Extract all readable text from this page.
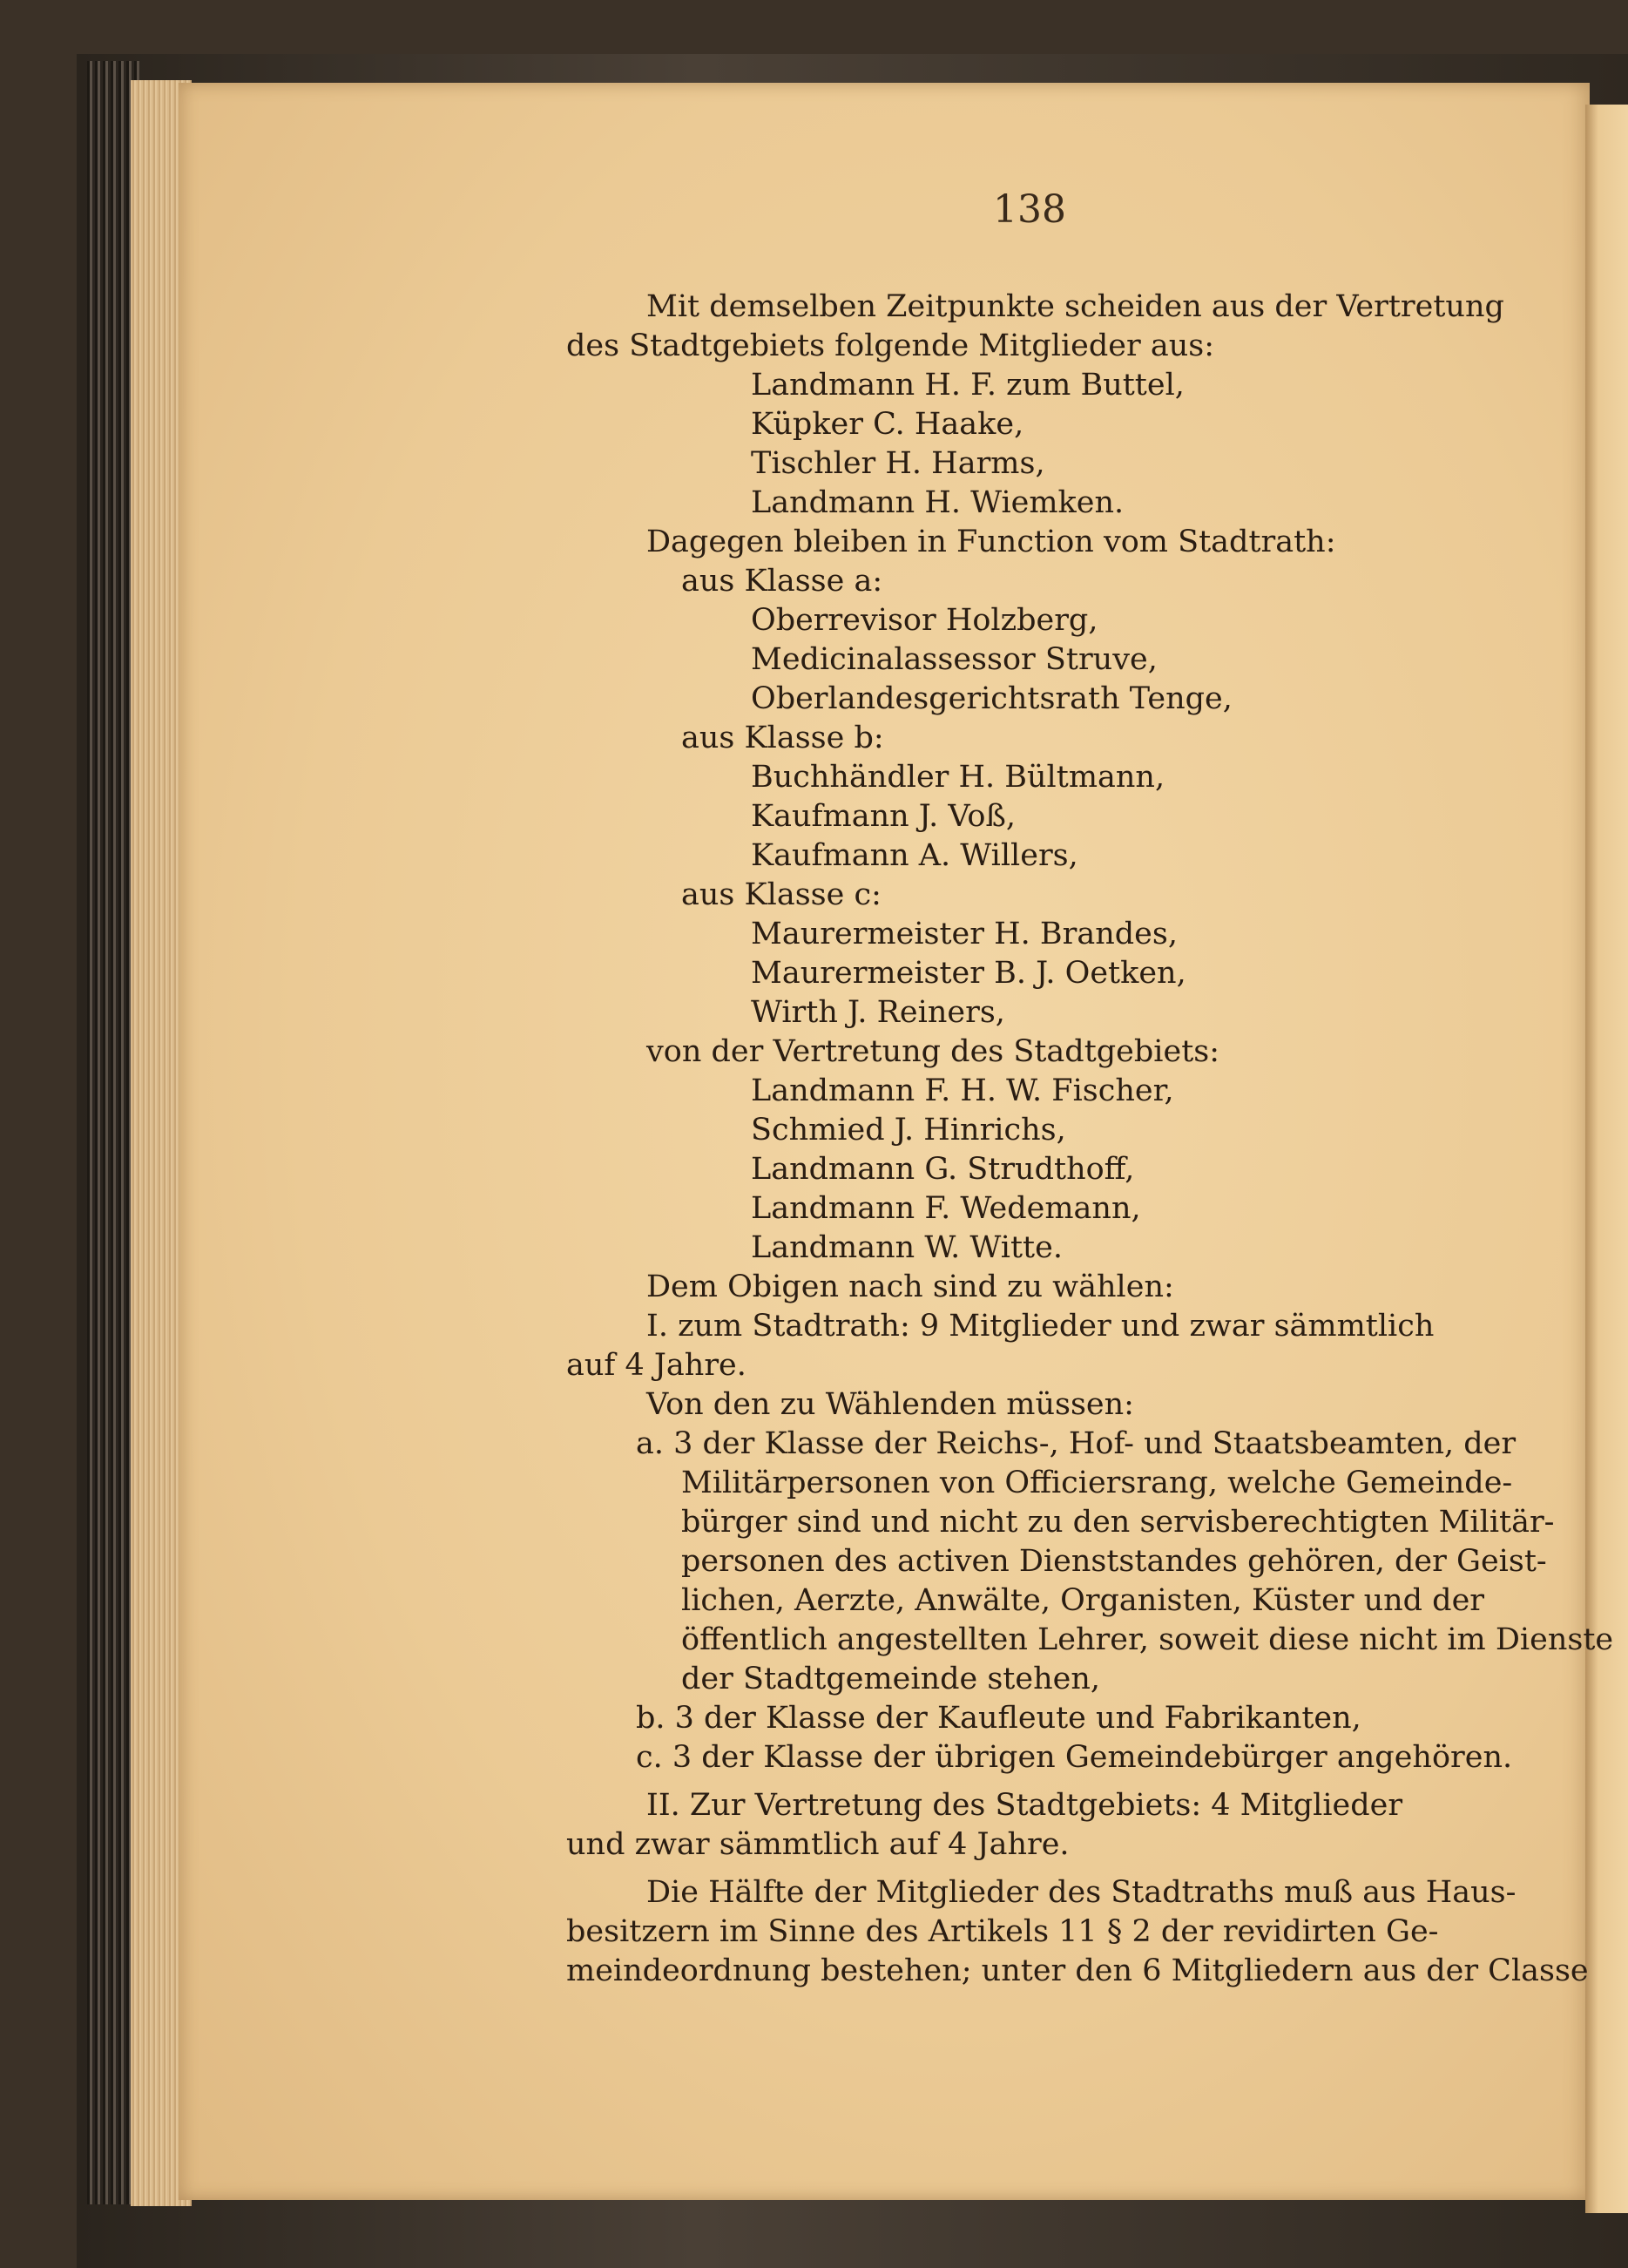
138
Mit demselben Zeitpunkte scheiden aus der Vertretung
des Stadtgebiets folgende Mitglieder aus:
Landmann H. F. zum Buttel,
Küpker C. Haake,
Tischler H. Harms,
Landmann H. Wiemken.
Dagegen bleiben in Function vom Stadtrath:
aus Klasse a:
Oberrevisor Holzberg,
Medicinalassessor Struve,
Oberlandesgerichtsrath Tenge,
aus Klasse b:
Buchhändler H. Bültmann,
Kaufmann J. Voß,
Kaufmann A. Willers,
aus Klasse c:
Maurermeister H. Brandes,
Maurermeister B. J. Oetken,
Wirth J. Reiners,
von der Vertretung des Stadtgebiets:
Landmann F. H. W. Fischer,
Schmied J. Hinrichs,
Landmann G. Strudthoff,
Landmann F. Wedemann,
Landmann W. Witte.
Dem Obigen nach sind zu wählen:
I. zum Stadtrath: 9 Mitglieder und zwar sämmtlich
auf 4 Jahre.
Von den zu Wählenden müssen:
a. 3 der Klasse der Reichs-, Hof- und Staatsbeamten, der
Militärpersonen von Officiersrang, welche Gemeinde-
bürger sind und nicht zu den servisberechtigten Militär-
personen des activen Dienststandes gehören, der Geist-
lichen, Aerzte, Anwälte, Organisten, Küster und der
öffentlich angestellten Lehrer, soweit diese nicht im Dienste
der Stadtgemeinde stehen,
b. 3 der Klasse der Kaufleute und Fabrikanten,
c. 3 der Klasse der übrigen Gemeindebürger angehören.
II. Zur Vertretung des Stadtgebiets: 4 Mitglieder
und zwar sämmtlich auf 4 Jahre.
Die Hälfte der Mitglieder des Stadtraths muß aus Haus-
besitzern im Sinne des Artikels 11 § 2 der revidirten Ge-
meindeordnung bestehen; unter den 6 Mitgliedern aus der Classe
